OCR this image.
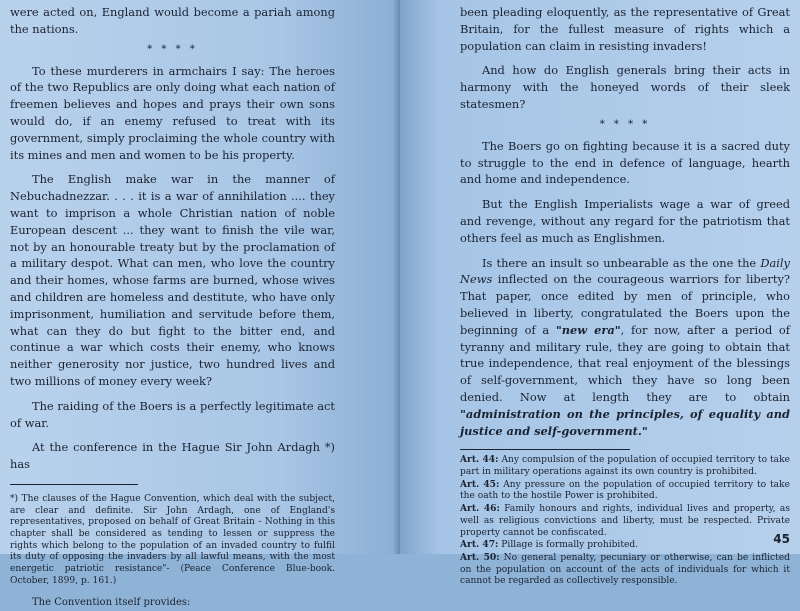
were acted on, England would become a pariah among the nations.

* * * *

To these murderers in armchairs I say: The heroes of the two Republics are only doing what each nation of freemen believes and hopes and prays their own sons would do, if an enemy refused to treat with its government, simply proclaiming the whole country with its mines and men and women to be his property.

The English make war in the manner of Nebuchadnezzar. . . . it is a war of annihilation .... they want to imprison a whole Christian nation of noble European descent ... they want to finish the vile war, not by an honourable treaty but by the proclamation of a military despot. What can men, who love the country and their homes, whose farms are burned, whose wives and children are homeless and destitute, who have only imprisonment, humiliation and servitude before them, what can they do but fight to the bitter end, and continue a war which costs their enemy, who knows neither generosity nor justice, two hundred lives and two millions of money every week?

The raiding of the Boers is a perfectly legitimate act of war.

At the conference in the Hague Sir John Ardagh *) has

*) The clauses of the Hague Convention, which deal with the subject, are clear and definite. Sir John Ardagh, one of England's representatives, proposed on behalf of Great Britain - Nothing in this chapter shall be considered as tending to lessen or suppress the rights which belong to the population of an invaded country to fulfil its duty of opposing the invaders by all lawful means, with the most energetic patriotic resistance"- (Peace Conference Blue-book. October, 1899, p. 161.)

The Convention itself provides:

been pleading eloquently, as the representative of Great Britain, for the fullest measure of rights which a population can claim in resisting invaders!

And how do English generals bring their acts in harmony with the honeyed words of their sleek statesmen?

* * * *

The Boers go on fighting because it is a sacred duty to struggle to the end in defence of language, hearth and home and independence.

But the English Imperialists wage a war of greed and revenge, without any regard for the patriotism that others feel as much as Englishmen.

Is there an insult so unbearable as the one the Daily News inflected on the courageous warriors for liberty? That paper, once edited by men of principle, who believed in liberty, congratulated the Boers upon the beginning of a "new era", for now, after a period of tyranny and military rule, they are going to obtain that true independence, that real enjoyment of the blessings of self-government, which they have so long been denied. Now at length they are to obtain "administration on the principles, of equality and justice and self-government."

Art. 44: Any compulsion of the population of occupied territory to take part in military operations against its own country is prohibited.

Art. 45: Any pressure on the population of occupied territory to take the oath to the hostile Power is prohibited.

Art. 46: Family honours and rights, individual lives and property, as well as religious convictions and liberty, must be respected. Private property cannot be confiscated.

Art. 47: Pillage is formally prohibited.

Art. 50: No general penalty, pecuniary or otherwise, can be inflicted on the population on account of the acts of individuals for which it cannot be regarded as collectively responsible.

45
